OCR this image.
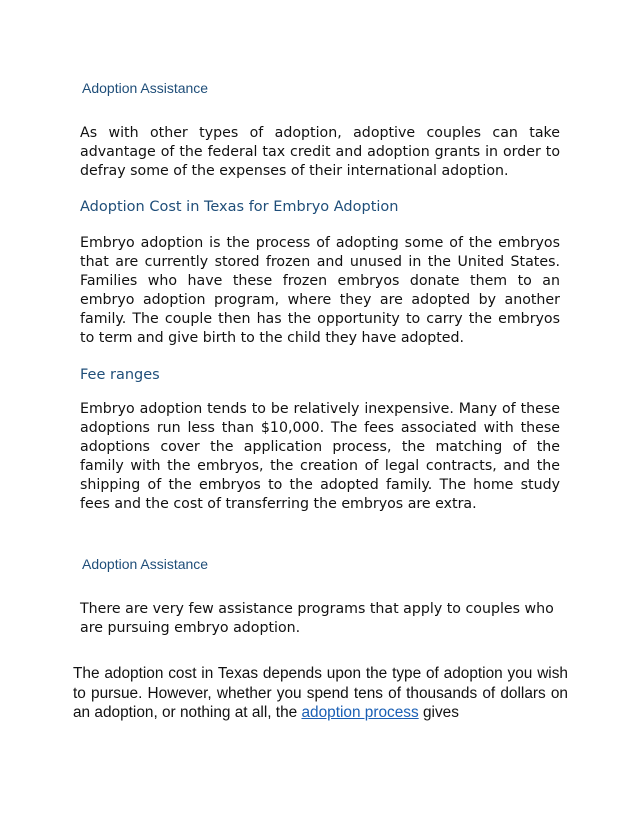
Adoption Assistance

As with other types of adoption, adoptive couples can take advantage of the federal tax credit and adoption grants in order to defray some of the expenses of their international adoption.

Adoption Cost in Texas for Embryo Adoption

Embryo adoption is the process of adopting some of the embryos that are currently stored frozen and unused in the United States. Families who have these frozen embryos donate them to an embryo adoption program, where they are adopted by another family. The couple then has the opportunity to carry the embryos to term and give birth to the child they have adopted.

Fee ranges

Embryo adoption tends to be relatively inexpensive. Many of these adoptions run less than $10,000. The fees associated with these adoptions cover the application process, the matching of the family with the embryos, the creation of legal contracts, and the shipping of the embryos to the adopted family. The home study fees and the cost of transferring the embryos are extra.

Adoption Assistance

There are very few assistance programs that apply to couples who are pursuing embryo adoption.

The adoption cost in Texas depends upon the type of adoption you wish to pursue. However, whether you spend tens of thousands of dollars on an adoption, or nothing at all, the adoption process gives
